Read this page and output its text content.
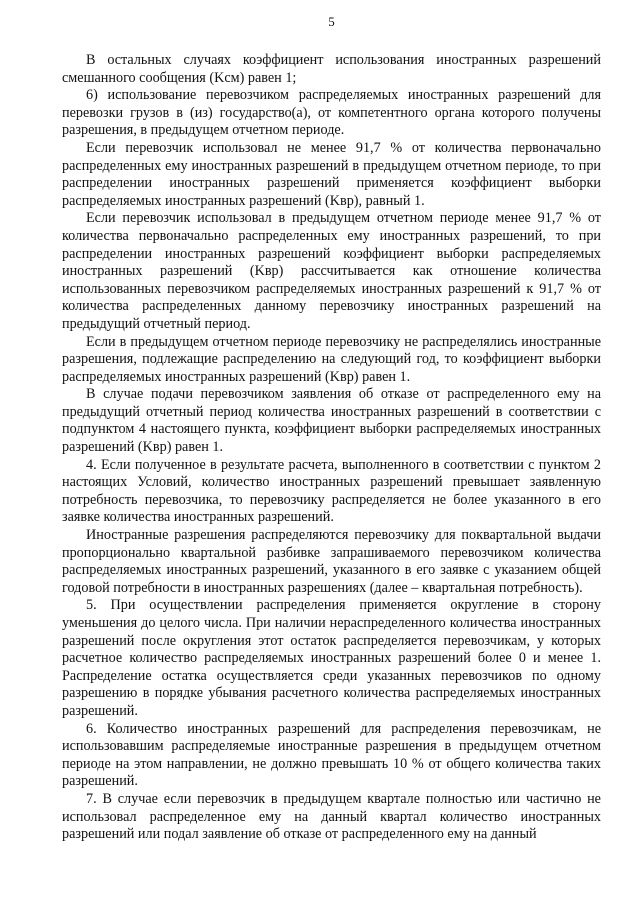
5

В остальных случаях коэффициент использования иностранных разрешений смешанного сообщения (Kсм) равен 1;

6) использование перевозчиком распределяемых иностранных разрешений для перевозки грузов в (из) государство(а), от компетентного органа которого получены разрешения, в предыдущем отчетном периоде.

Если перевозчик использовал не менее 91,7 % от количества первоначально распределенных ему иностранных разрешений в предыдущем отчетном периоде, то при распределении иностранных разрешений применяется коэффициент выборки распределяемых иностранных разрешений (Kвр), равный 1.

Если перевозчик использовал в предыдущем отчетном периоде менее 91,7 % от количества первоначально распределенных ему иностранных разрешений, то при распределении иностранных разрешений коэффициент выборки распределяемых иностранных разрешений (Kвр) рассчитывается как отношение количества использованных перевозчиком распределяемых иностранных разрешений к 91,7 % от количества распределенных данному перевозчику иностранных разрешений на предыдущий отчетный период.

Если в предыдущем отчетном периоде перевозчику не распределялись иностранные разрешения, подлежащие распределению на следующий год, то коэффициент выборки распределяемых иностранных разрешений (Kвр) равен 1.

В случае подачи перевозчиком заявления об отказе от распределенного ему на предыдущий отчетный период количества иностранных разрешений в соответствии с подпунктом 4 настоящего пункта, коэффициент выборки распределяемых иностранных разрешений (Kвр) равен 1.

4. Если полученное в результате расчета, выполненного в соответствии с пунктом 2 настоящих Условий, количество иностранных разрешений превышает заявленную потребность перевозчика, то перевозчику распределяется не более указанного в его заявке количества иностранных разрешений.

Иностранные разрешения распределяются перевозчику для поквартальной выдачи пропорционально квартальной разбивке запрашиваемого перевозчиком количества распределяемых иностранных разрешений, указанного в его заявке с указанием общей годовой потребности в иностранных разрешениях (далее – квартальная потребность).

5. При осуществлении распределения применяется округление в сторону уменьшения до целого числа. При наличии нераспределенного количества иностранных разрешений после округления этот остаток распределяется перевозчикам, у которых расчетное количество распределяемых иностранных разрешений более 0 и менее 1. Распределение остатка осуществляется среди указанных перевозчиков по одному разрешению в порядке убывания расчетного количества распределяемых иностранных разрешений.

6. Количество иностранных разрешений для распределения перевозчикам, не использовавшим распределяемые иностранные разрешения в предыдущем отчетном периоде на этом направлении, не должно превышать 10 % от общего количества таких разрешений.

7. В случае если перевозчик в предыдущем квартале полностью или частично не использовал распределенное ему на данный квартал количество иностранных разрешений или подал заявление об отказе от распределенного ему на данный
